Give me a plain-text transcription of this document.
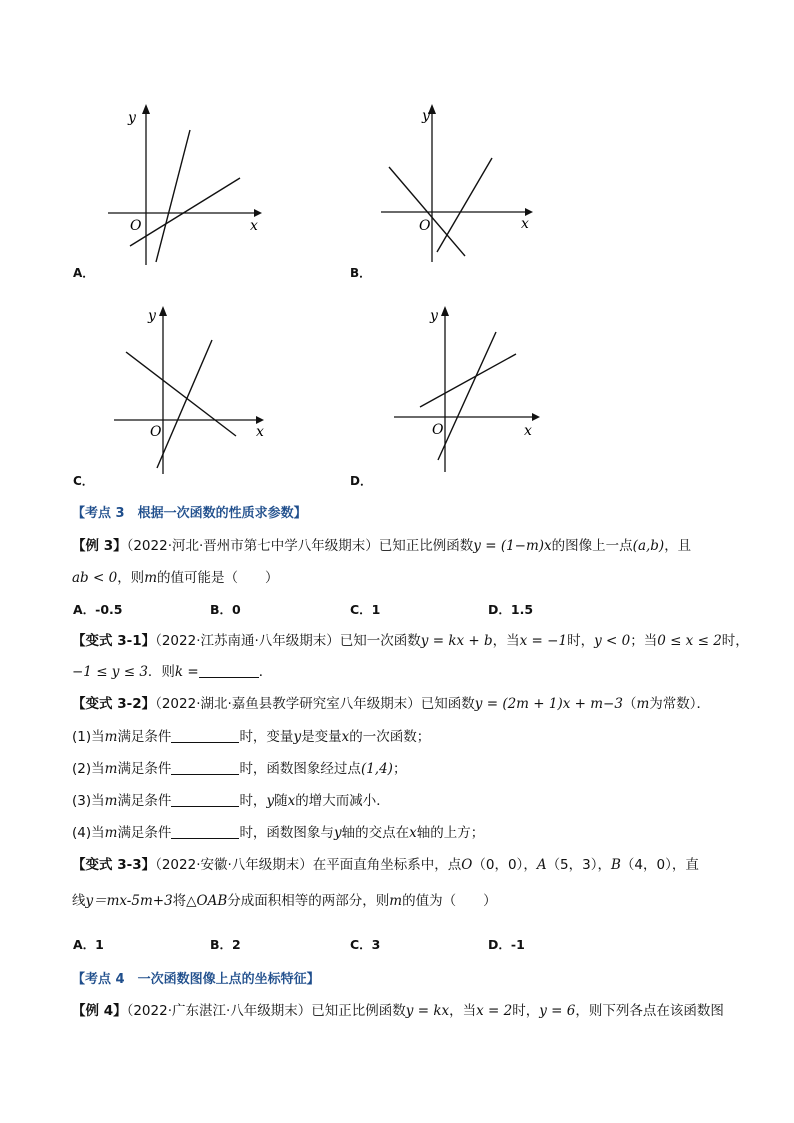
y
x
O
A．
y
x
O
B．
y
x
O
C．
y
x
O
D．
【考点 3　根据一次函数的性质求参数】
【例 3】（2022·河北·晋州市第七中学八年级期末）已知正比例函数y = (1−m)x的图像上一点(a,b)，且
ab < 0，则m的值可能是（　　）
A．-0.5	B．0	C．1	D．1.5
【变式 3-1】（2022·江苏南通·八年级期末）已知一次函数y = kx + b，当x = −1时，y < 0；当0 ≤ x ≤ 2时，
−1 ≤ y ≤ 3．则k =	．
【变式 3-2】（2022·湖北·嘉鱼县教学研究室八年级期末）已知函数y = (2m + 1)x + m−3（m为常数）．
(1)当m满足条件	时，变量y是变量x的一次函数；
(2)当m满足条件	时，函数图象经过点(1,4)；
(3)当m满足条件	时，y随x的增大而减小．
(4)当m满足条件	时，函数图象与y轴的交点在x轴的上方；
【变式 3-3】（2022·安徽·八年级期末）在平面直角坐标系中，点O（0，0），A（5，3），B（4，0），直
线y＝mx-5m+3将△OAB分成面积相等的两部分，则m的值为（　　）
A．1	B．2	C．3	D．-1
【考点 4　一次函数图像上点的坐标特征】
【例 4】（2022·广东湛江·八年级期末）已知正比例函数y = kx，当x = 2时，y = 6，则下列各点在该函数图
